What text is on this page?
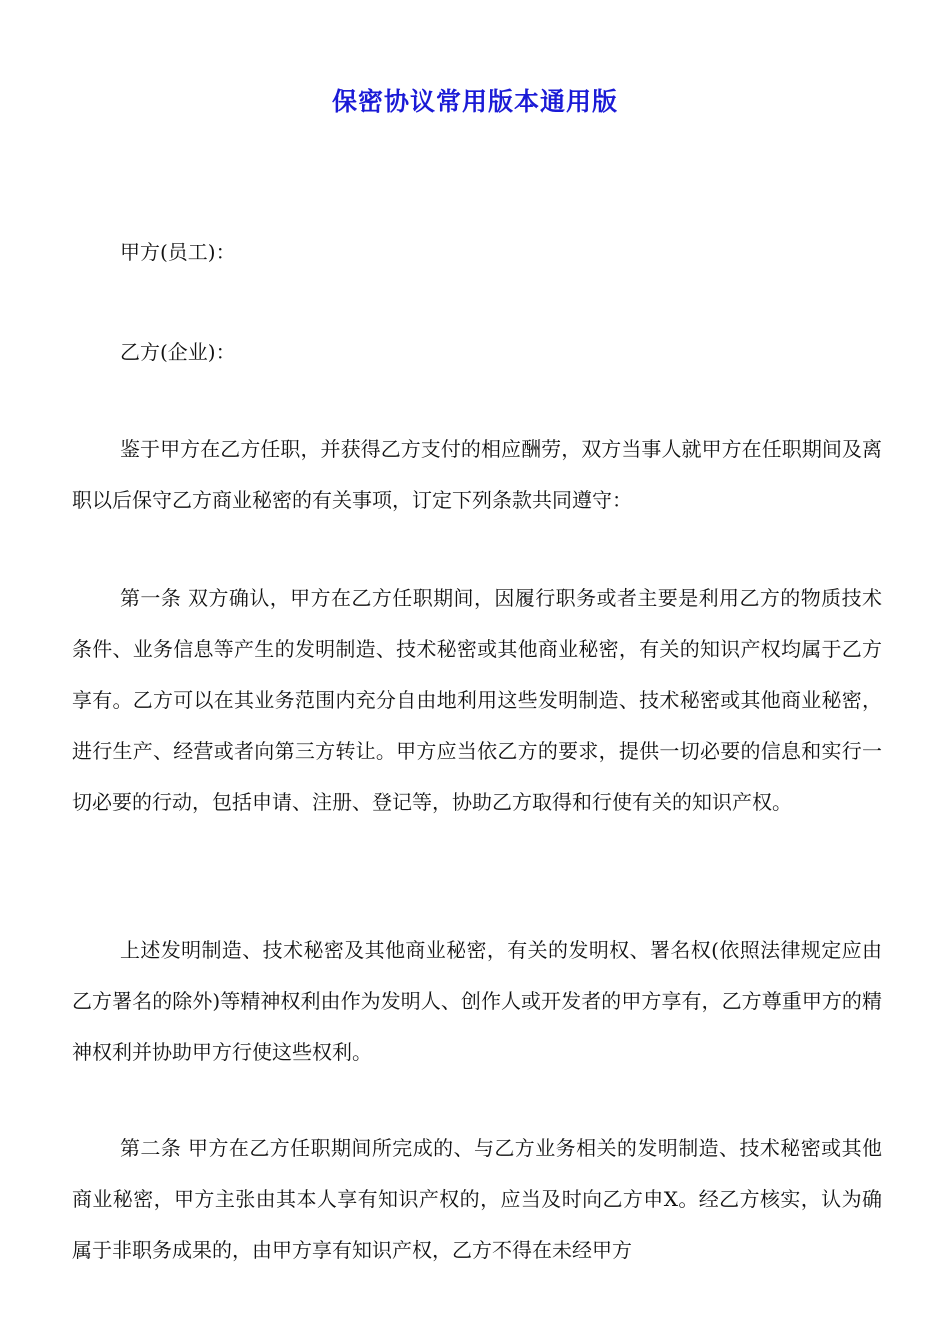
保密协议常用版本通用版

甲方(员工)：

乙方(企业)：

鉴于甲方在乙方任职，并获得乙方支付的相应酬劳，双方当事人就甲方在任职期间及离职以后保守乙方商业秘密的有关事项，订定下列条款共同遵守：

第一条 双方确认，甲方在乙方任职期间，因履行职务或者主要是利用乙方的物质技术条件、业务信息等产生的发明制造、技术秘密或其他商业秘密，有关的知识产权均属于乙方享有。乙方可以在其业务范围内充分自由地利用这些发明制造、技术秘密或其他商业秘密，进行生产、经营或者向第三方转让。甲方应当依乙方的要求，提供一切必要的信息和实行一切必要的行动，包括申请、注册、登记等，协助乙方取得和行使有关的知识产权。

上述发明制造、技术秘密及其他商业秘密，有关的发明权、署名权(依照法律规定应由乙方署名的除外)等精神权利由作为发明人、创作人或开发者的甲方享有，乙方尊重甲方的精神权利并协助甲方行使这些权利。

第二条 甲方在乙方任职期间所完成的、与乙方业务相关的发明制造、技术秘密或其他商业秘密，甲方主张由其本人享有知识产权的，应当及时向乙方申X。经乙方核实，认为确属于非职务成果的，由甲方享有知识产权，乙方不得在未经甲方
